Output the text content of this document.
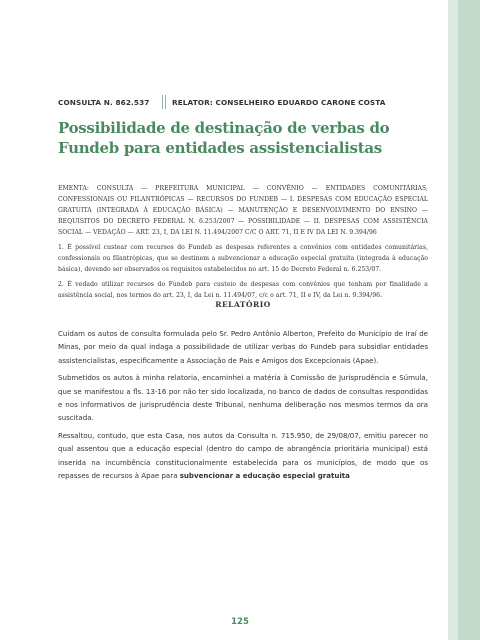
CONSULTA N. 862.537	RELATOR: CONSELHEIRO EDUARDO CARONE COSTA
Possibilidade de destinação de verbas do Fundeb para entidades assistencialistas

EMENTA: CONSULTA — PREFEITURA MUNICIPAL — CONVÊNIO — ENTIDADES COMUNITÁRIAS, CONFESSIONAIS OU FILANTRÓPICAS — RECURSOS DO FUNDEB — I. DESPESAS COM EDUCAÇÃO ESPECIAL GRATUITA (INTEGRADA À EDUCAÇÃO BÁSICA) — MANUTENÇÃO E DESENVOLVIMENTO DO ENSINO — REQUISITOS DO DECRETO FEDERAL N. 6.253/2007 — POSSIBILIDADE — II. DESPESAS COM ASSISTÊNCIA SOCIAL — VEDAÇÃO — ART. 23, I, DA LEI N. 11.494/2007 C/C O ART. 71, II E IV DA LEI N. 9.394/96

1. É possível custear com recursos do Fundeb as despesas referentes a convênios com entidades comunitárias, confessionais ou filantrópicas, que se destinem a subvencionar a educação especial gratuita (integrada à educação básica), devendo ser observados os requisitos estabelecidos no art. 15 do Decreto Federal n. 6.253/07.

2. É vedado utilizar recursos do Fundeb para custeio de despesas com convênios que tenham por finalidade a assistência social, nos termos do art. 23, I, da Lei n. 11.494/07, c/c o art. 71, II e IV, da Lei n. 9.394/96.

RELATÓRIO

Cuidam os autos de consulta formulada pelo Sr. Pedro Antônio Alberton, Prefeito do Município de Iraí de Minas, por meio da qual indaga a possibilidade de utilizar verbas do Fundeb para subsidiar entidades assistencialistas, especificamente a Associação de Pais e Amigos dos Excepcionais (Apae).

Submetidos os autos à minha relatoria, encaminhei a matéria à Comissão de Jurisprudência e Súmula, que se manifestou a fls. 13-16 por não ter sido localizada, no banco de dados de consultas respondidas e nos informativos de jurisprudência deste Tribunal, nenhuma deliberação nos mesmos termos da ora suscitada.

Ressaltou, contudo, que esta Casa, nos autos da Consulta n. 715.950, de 29/08/07, emitiu parecer no qual assentou que a educação especial (dentro do campo de abrangência prioritária municipal) está inserida na incumbência constitucionalmente estabelecida para os municípios, de modo que os repasses de recursos à Apae para subvencionar a educação especial gratuita

125
